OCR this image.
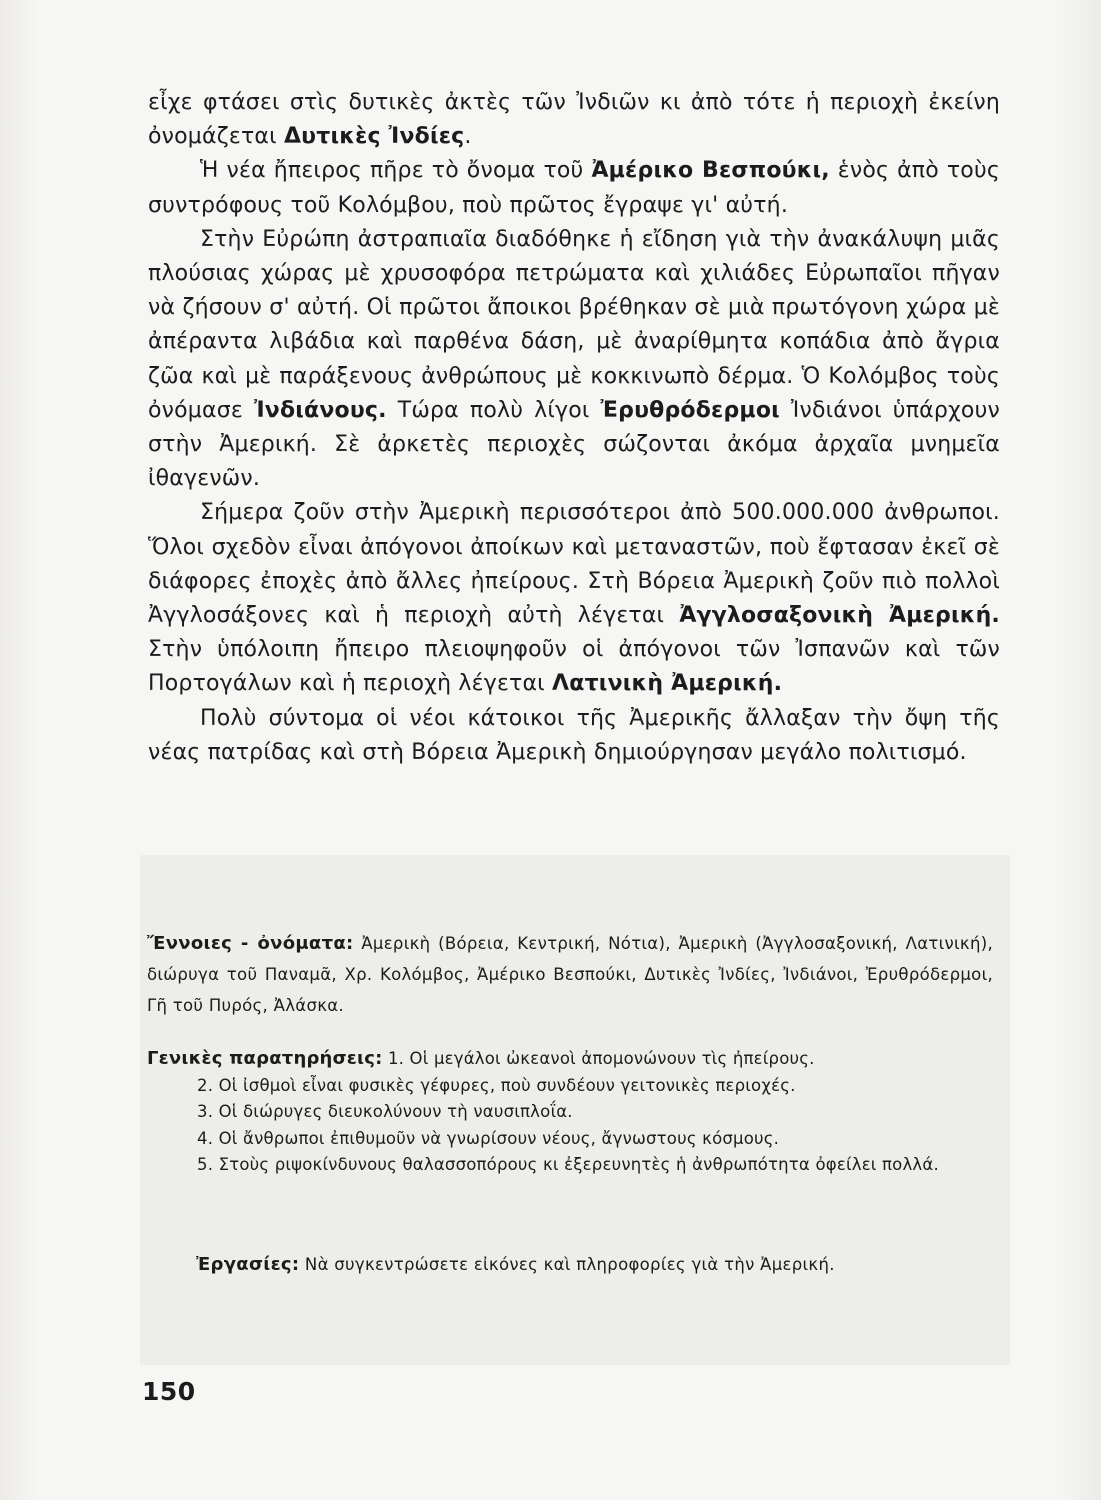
εἶχε φτάσει στὶς δυτικὲς ἀκτὲς τῶν Ἰνδιῶν κι ἀπὸ τότε ἡ περιοχὴ ἐκείνη ὀνομάζεται Δυτικὲς Ἰνδίες.

Ἡ νέα ἤπειρος πῆρε τὸ ὄνομα τοῦ Ἀμέρικο Βεσπούκι, ἑνὸς ἀπὸ τοὺς συντρόφους τοῦ Κολόμβου, ποὺ πρῶτος ἔγραψε γι' αὐτή.

Στὴν Εὐρώπη ἀστραπιαῖα διαδόθηκε ἡ εἴδηση γιὰ τὴν ἀνακάλυψη μιᾶς πλούσιας χώρας μὲ χρυσοφόρα πετρώματα καὶ χιλιάδες Εὐρωπαῖοι πῆγαν νὰ ζήσουν σ' αὐτή. Οἱ πρῶτοι ἄποικοι βρέθηκαν σὲ μιὰ πρωτόγονη χώρα μὲ ἀπέραντα λιβάδια καὶ παρθένα δάση, μὲ ἀναρίθμητα κοπάδια ἀπὸ ἄγρια ζῶα καὶ μὲ παράξενους ἀνθρώπους μὲ κοκκινωπὸ δέρμα. Ὁ Κολόμβος τοὺς ὀνόμασε Ἰνδιάνους. Τώρα πολὺ λίγοι Ἐρυθρόδερμοι Ἰνδιάνοι ὑπάρχουν στὴν Ἀμερική. Σὲ ἀρκετὲς περιοχὲς σώζονται ἀκόμα ἀρχαῖα μνημεῖα ἰθαγενῶν.

Σήμερα ζοῦν στὴν Ἀμερικὴ περισσότεροι ἀπὸ 500.000.000 ἀνθρωποι. Ὅλοι σχεδὸν εἶναι ἀπόγονοι ἀποίκων καὶ μεταναστῶν, ποὺ ἔφτασαν ἐκεῖ σὲ διάφορες ἐποχὲς ἀπὸ ἄλλες ἠπείρους. Στὴ Βόρεια Ἀμερικὴ ζοῦν πιὸ πολλοὶ Ἀγγλοσάξονες καὶ ἡ περιοχὴ αὐτὴ λέγεται Ἀγγλοσαξονικὴ Ἀμερική. Στὴν ὑπόλοιπη ἤπειρο πλειοψηφοῦν οἱ ἀπόγονοι τῶν Ἰσπανῶν καὶ τῶν Πορτογάλων καὶ ἡ περιοχὴ λέγεται Λατινικὴ Ἀμερική.

Πολὺ σύντομα οἱ νέοι κάτοικοι τῆς Ἀμερικῆς ἄλλαξαν τὴν ὄψη τῆς νέας πατρίδας καὶ στὴ Βόρεια Ἀμερικὴ δημιούργησαν μεγάλο πολιτισμό.

Ἔννοιες - ὀνόματα: Ἀμερικὴ (Βόρεια, Κεντρική, Νότια), Ἀμερικὴ (Ἀγγλοσαξονική, Λατινική), διώρυγα τοῦ Παναμᾶ, Χρ. Κολόμβος, Ἀμέρικο Βεσπούκι, Δυτικὲς Ἰνδίες, Ἰνδιάνοι, Ἐρυθρόδερμοι, Γῆ τοῦ Πυρός, Ἀλάσκα.

Γενικὲς παρατηρήσεις: 1. Οἱ μεγάλοι ὠκεανοὶ ἀπομονώνουν τὶς ἠπείρους.

2. Οἱ ἰσθμοὶ εἶναι φυσικὲς γέφυρες, ποὺ συνδέουν γειτονικὲς περιοχές.

3. Οἱ διώρυγες διευκολύνουν τὴ ναυσιπλοΐα.

4. Οἱ ἄνθρωποι ἐπιθυμοῦν νὰ γνωρίσουν νέους, ἄγνωστους κόσμους.

5. Στοὺς ριψοκίνδυνους θαλασσοπόρους κι ἐξερευνητὲς ἡ ἀνθρωπότητα ὀφείλει πολλά.

Ἐργασίες: Νὰ συγκεντρώσετε εἰκόνες καὶ πληροφορίες γιὰ τὴν Ἀμερική.
150
